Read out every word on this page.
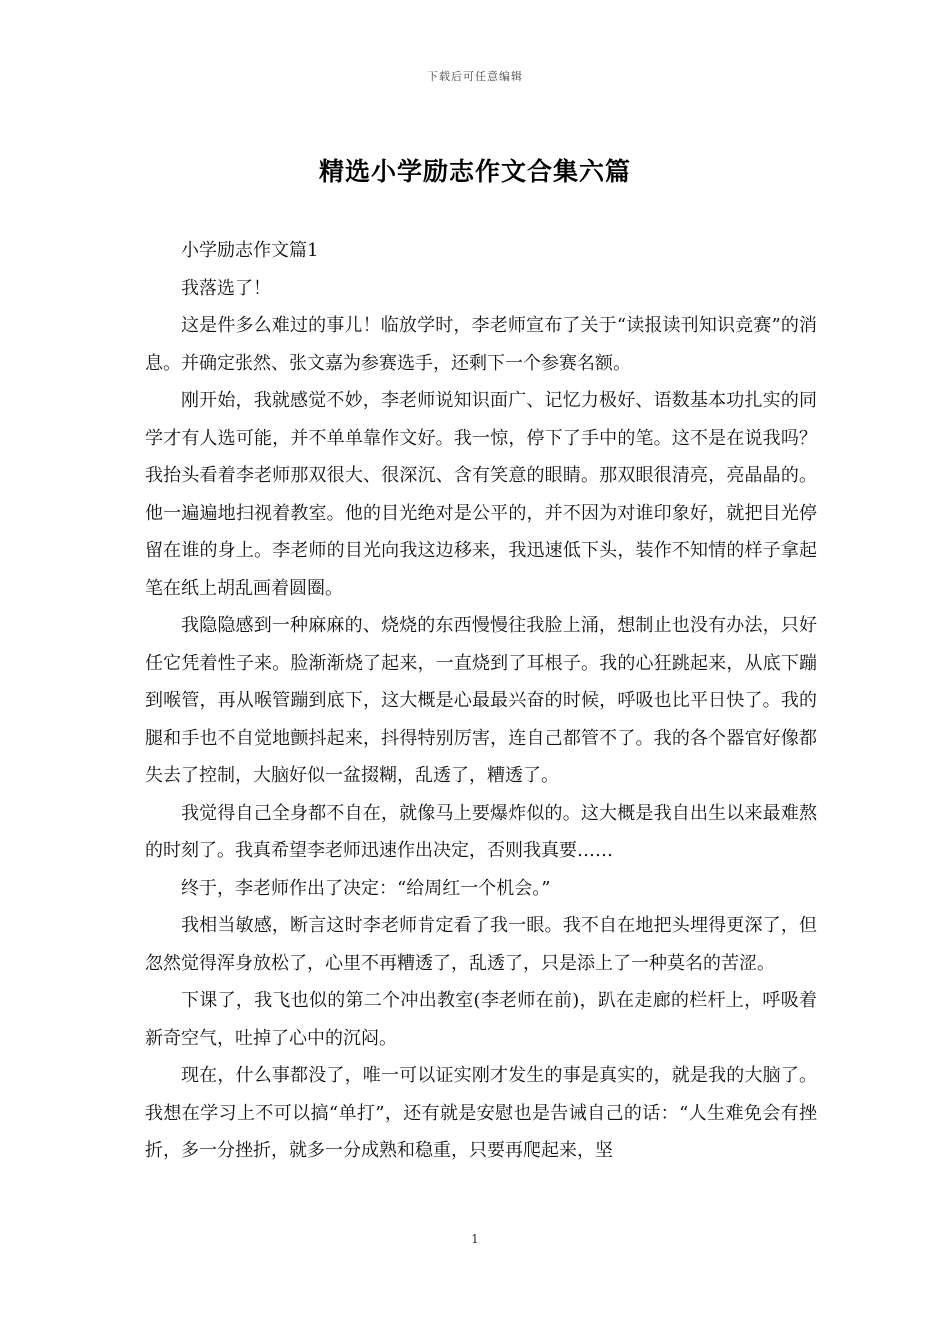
下载后可任意编辑
精选小学励志作文合集六篇

小学励志作文篇1

我落选了！

这是件多么难过的事儿！临放学时，李老师宣布了关于“读报读刊知识竞赛”的消息。并确定张然、张文嘉为参赛选手，还剩下一个参赛名额。

刚开始，我就感觉不妙，李老师说知识面广、记忆力极好、语数基本功扎实的同学才有人选可能，并不单单靠作文好。我一惊，停下了手中的笔。这不是在说我吗？我抬头看着李老师那双很大、很深沉、含有笑意的眼睛。那双眼很清亮，亮晶晶的。他一遍遍地扫视着教室。他的目光绝对是公平的，并不因为对谁印象好，就把目光停留在谁的身上。李老师的目光向我这边移来，我迅速低下头，装作不知情的样子拿起笔在纸上胡乱画着圆圈。

我隐隐感到一种麻麻的、烧烧的东西慢慢往我脸上涌，想制止也没有办法，只好任它凭着性子来。脸渐渐烧了起来，一直烧到了耳根子。我的心狂跳起来，从底下蹦到喉管，再从喉管蹦到底下，这大概是心最最兴奋的时候，呼吸也比平日快了。我的腿和手也不自觉地颤抖起来，抖得特别厉害，连自己都管不了。我的各个器官好像都失去了控制，大脑好似一盆掇糊，乱透了，糟透了。

我觉得自己全身都不自在，就像马上要爆炸似的。这大概是我自出生以来最难熬的时刻了。我真希望李老师迅速作出决定，否则我真要……

终于，李老师作出了决定：“给周红一个机会。”

我相当敏感，断言这时李老师肯定看了我一眼。我不自在地把头埋得更深了，但忽然觉得浑身放松了，心里不再糟透了，乱透了，只是添上了一种莫名的苦涩。

下课了，我飞也似的第二个冲出教室(李老师在前)，趴在走廊的栏杆上，呼吸着新奇空气，吐掉了心中的沉闷。

现在，什么事都没了，唯一可以证实刚才发生的事是真实的，就是我的大脑了。我想在学习上不可以搞“单打”，还有就是安慰也是告诫自己的话：“人生难免会有挫折，多一分挫折，就多一分成熟和稳重，只要再爬起来，坚

1
